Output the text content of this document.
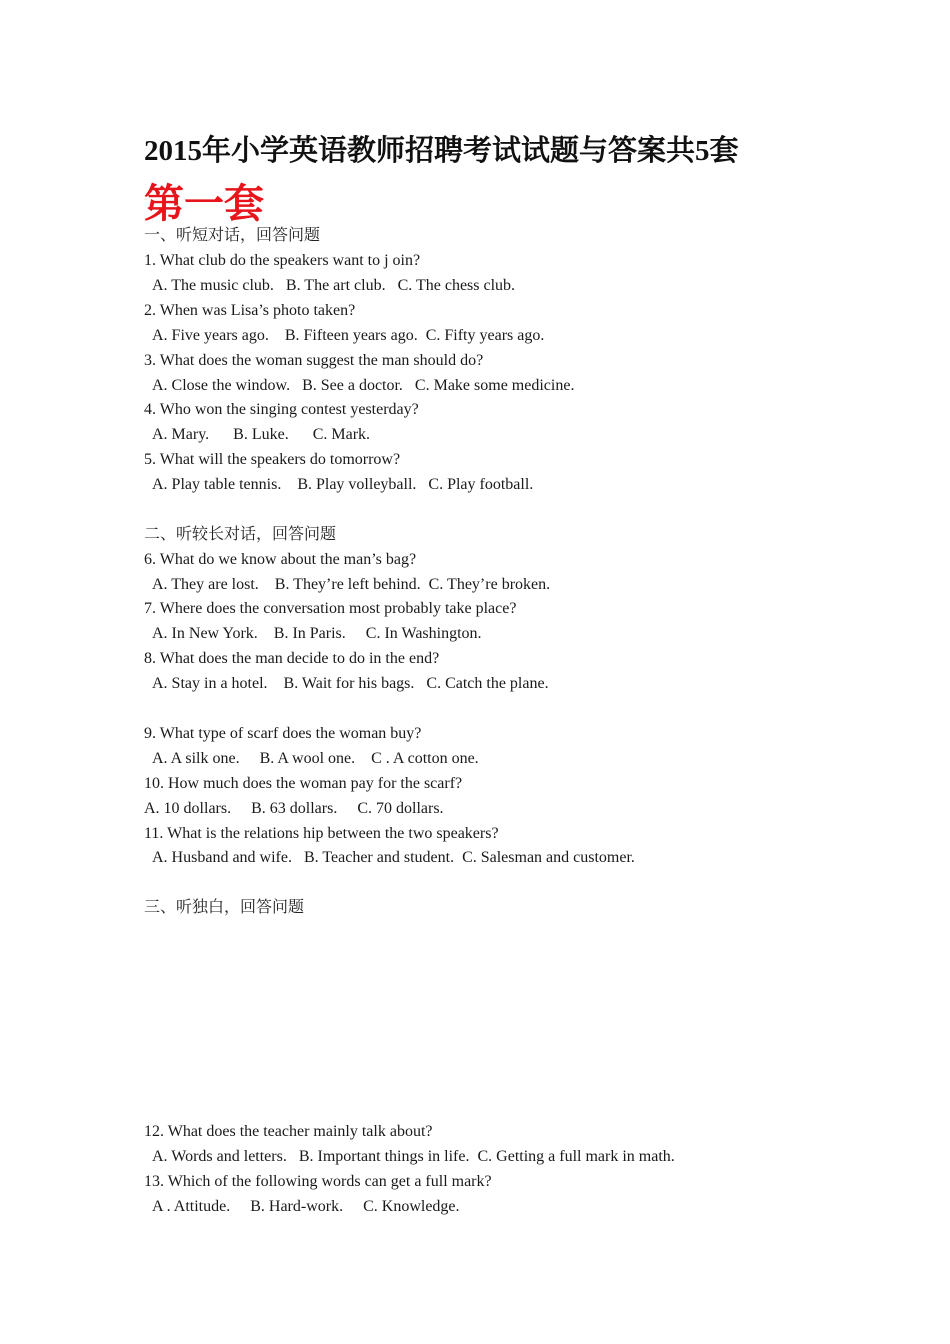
2015年小学英语教师招聘考试试题与答案共5套
第一套
一、听短对话，回答问题
1. What club do the speakers want to j oin?
A. The music club.   B. The art club.   C. The chess club.
2. When was Lisa’s photo taken?
A. Five years ago.    B. Fifteen years ago.  C. Fifty years ago.
3. What does the woman suggest the man should do?
A. Close the window.   B. See a doctor.   C. Make some medicine.
4. Who won the singing contest yesterday?
A. Mary.      B. Luke.      C. Mark.
5. What will the speakers do tomorrow?
A. Play table tennis.    B. Play volleyball.   C. Play football.
二、听较长对话，回答问题
6. What do we know about the man’s bag?
A. They are lost.    B. They’re left behind.  C. They’re broken.
7. Where does the conversation most probably take place?
A. In New York.    B. In Paris.     C. In Washington.
8. What does the man decide to do in the end?
A. Stay in a hotel.    B. Wait for his bags.   C. Catch the plane.
9. What type of scarf does the woman buy?
A. A silk one.     B. A wool one.    C . A cotton one.
10. How much does the woman pay for the scarf?
A. 10 dollars.     B. 63 dollars.     C. 70 dollars.
11. What is the relations hip between the two speakers?
A. Husband and wife.   B. Teacher and student.  C. Salesman and customer.
三、听独白，回答问题
12. What does the teacher mainly talk about?
A. Words and letters.   B. Important things in life.  C. Getting a full mark in math.
13. Which of the following words can get a full mark?
A . Attitude.     B. Hard-work.     C. Knowledge.
